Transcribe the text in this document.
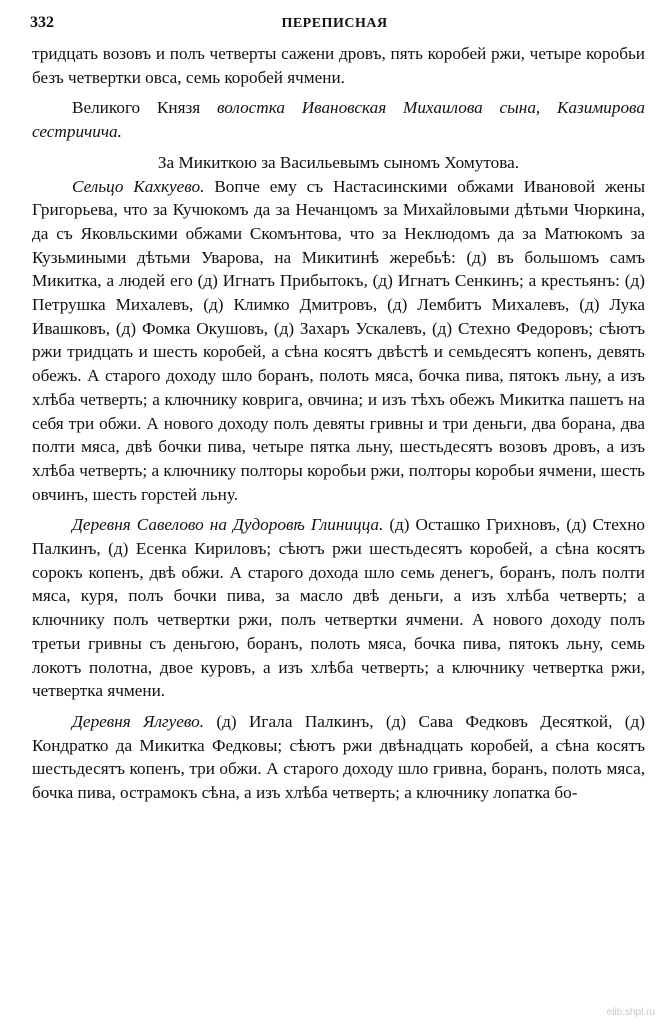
332	ПЕРЕПИСНАЯ

тридцать возовъ и полъ четверты сажени дровъ, пять коробей ржи, четыре коробьи безъ четвертки овса, семь коробей ячмени.

Великого Князя волостка Ивановская Михаилова сына, Казимирова сестричича.

За Микиткою за Васильевымъ сыномъ Хомутова.

Сельцо Кахкуево. Вопче ему съ Настасинскими обжами Ивановой жены Григорьева, что за Кучюкомъ да за Нечанцомъ за Михайловыми дѣтьми Чюркина, да съ Яковльскими обжами Скомънтова, что за Неклюдомъ да за Матюкомъ за Кузьмиными дѣтьми Уварова, на Микитинѣ жеребьѣ: (д) въ большомъ самъ Микитка, а людей его (д) Игнатъ Прибытокъ, (д) Игнатъ Сенкинъ; а крестьянъ: (д) Петрушка Михалевъ, (д) Климко Дмитровъ, (д) Лембитъ Михалевъ, (д) Лука Ивашковъ, (д) Фомка Окушовъ, (д) Захаръ Ускалевъ, (д) Стехно Федоровъ; сѣютъ ржи тридцать и шесть коробей, а сѣна косятъ двѣстѣ и семьдесятъ копенъ, девять обежъ. А старого доходу шло боранъ, полоть мяса, бочка пива, пятокъ льну, а изъ хлѣба четверть; а ключнику коврига, овчина; и изъ тѣхъ обежъ Микитка пашетъ на себя три обжи. А нового доходу полъ девяты гривны и три деньги, два борана, два полти мяса, двѣ бочки пива, четыре пятка льну, шестьдесятъ возовъ дровъ, а изъ хлѣба четверть; а ключнику полторы коробьи ржи, полторы коробьи ячмени, шесть овчинъ, шесть горстей льну.

Деревня Савелово на Дудоровѣ Глиницца. (д) Осташко Грихновъ, (д) Стехно Палкинъ, (д) Есенка Кириловъ; сѣютъ ржи шестьдесятъ коробей, а сѣна косятъ сорокъ копенъ, двѣ обжи. А старого дохода шло семь денегъ, боранъ, полъ полти мяса, куря, полъ бочки пива, за масло двѣ деньги, а изъ хлѣба четверть; а ключнику полъ четвертки ржи, полъ четвертки ячмени. А нового доходу полъ третьи гривны съ деньгою, боранъ, полоть мяса, бочка пива, пятокъ льну, семь локотъ полотна, двое куровъ, а изъ хлѣба четверть; а ключнику четвертка ржи, четвертка ячмени.

Деревня Ялгуево. (д) Игала Палкинъ, (д) Сава Федковъ Деcяткой, (д) Кондратко да Микитка Федковы; сѣютъ ржи двѣнадцать коробей, а сѣна косятъ шестьдесятъ копенъ, три обжи. А старого доходу шло гривна, боранъ, полоть мяса, бочка пива, острамокъ сѣна, а изъ хлѣба четверть; а ключнику лопатка бо-

elib.shpl.ru
